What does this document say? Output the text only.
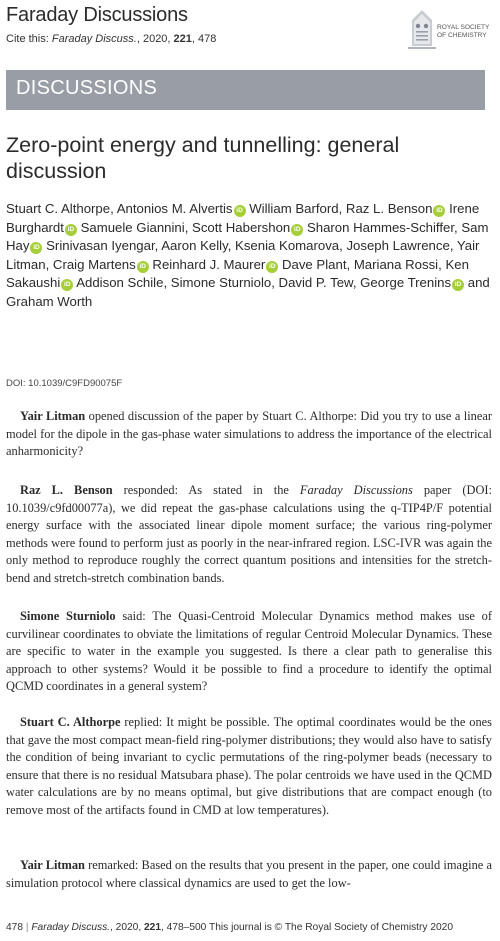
Faraday Discussions
Cite this: Faraday Discuss., 2020, 221, 478
ROYAL SOCIETY
OF CHEMISTRY
DISCUSSIONS
Zero-point energy and tunnelling: general discussion
Stuart C. Althorpe, Antonios M. Alvertis iD William Barford, Raz L. Benson iD Irene Burghardt iD Samuele Giannini, Scott Habershon iD Sharon Hammes-Schiffer, Sam Hay iD Srinivasan Iyengar, Aaron Kelly, Ksenia Komarova, Joseph Lawrence, Yair Litman, Craig Martens iD Reinhard J. Maurer iD Dave Plant, Mariana Rossi, Ken Sakaushi iD Addison Schile, Simone Sturniolo, David P. Tew, George Trenins iD and Graham Worth
DOI: 10.1039/C9FD90075F

Yair Litman opened discussion of the paper by Stuart C. Althorpe: Did you try to use a linear model for the dipole in the gas-phase water simulations to address the importance of the electrical anharmonicity?

Raz L. Benson responded: As stated in the Faraday Discussions paper (DOI: 10.1039/c9fd00077a), we did repeat the gas-phase calculations using the q-TIP4P/F potential energy surface with the associated linear dipole moment surface; the various ring-polymer methods were found to perform just as poorly in the near-infrared region. LSC-IVR was again the only method to reproduce roughly the correct quantum positions and intensities for the stretch-bend and stretch-stretch combination bands.

Simone Sturniolo said: The Quasi-Centroid Molecular Dynamics method makes use of curvilinear coordinates to obviate the limitations of regular Centroid Molecular Dynamics. These are specific to water in the example you suggested. Is there a clear path to generalise this approach to other systems? Would it be possible to find a procedure to identify the optimal QCMD coordinates in a general system?

Stuart C. Althorpe replied: It might be possible. The optimal coordinates would be the ones that gave the most compact mean-field ring-polymer distributions; they would also have to satisfy the condition of being invariant to cyclic permutations of the ring-polymer beads (necessary to ensure that there is no residual Matsubara phase). The polar centroids we have used in the QCMD water calculations are by no means optimal, but give distributions that are compact enough (to remove most of the artifacts found in CMD at low temperatures).

Yair Litman remarked: Based on the results that you present in the paper, one could imagine a simulation protocol where classical dynamics are used to get the low-

478 | Faraday Discuss., 2020, 221, 478–500 This journal is © The Royal Society of Chemistry 2020
